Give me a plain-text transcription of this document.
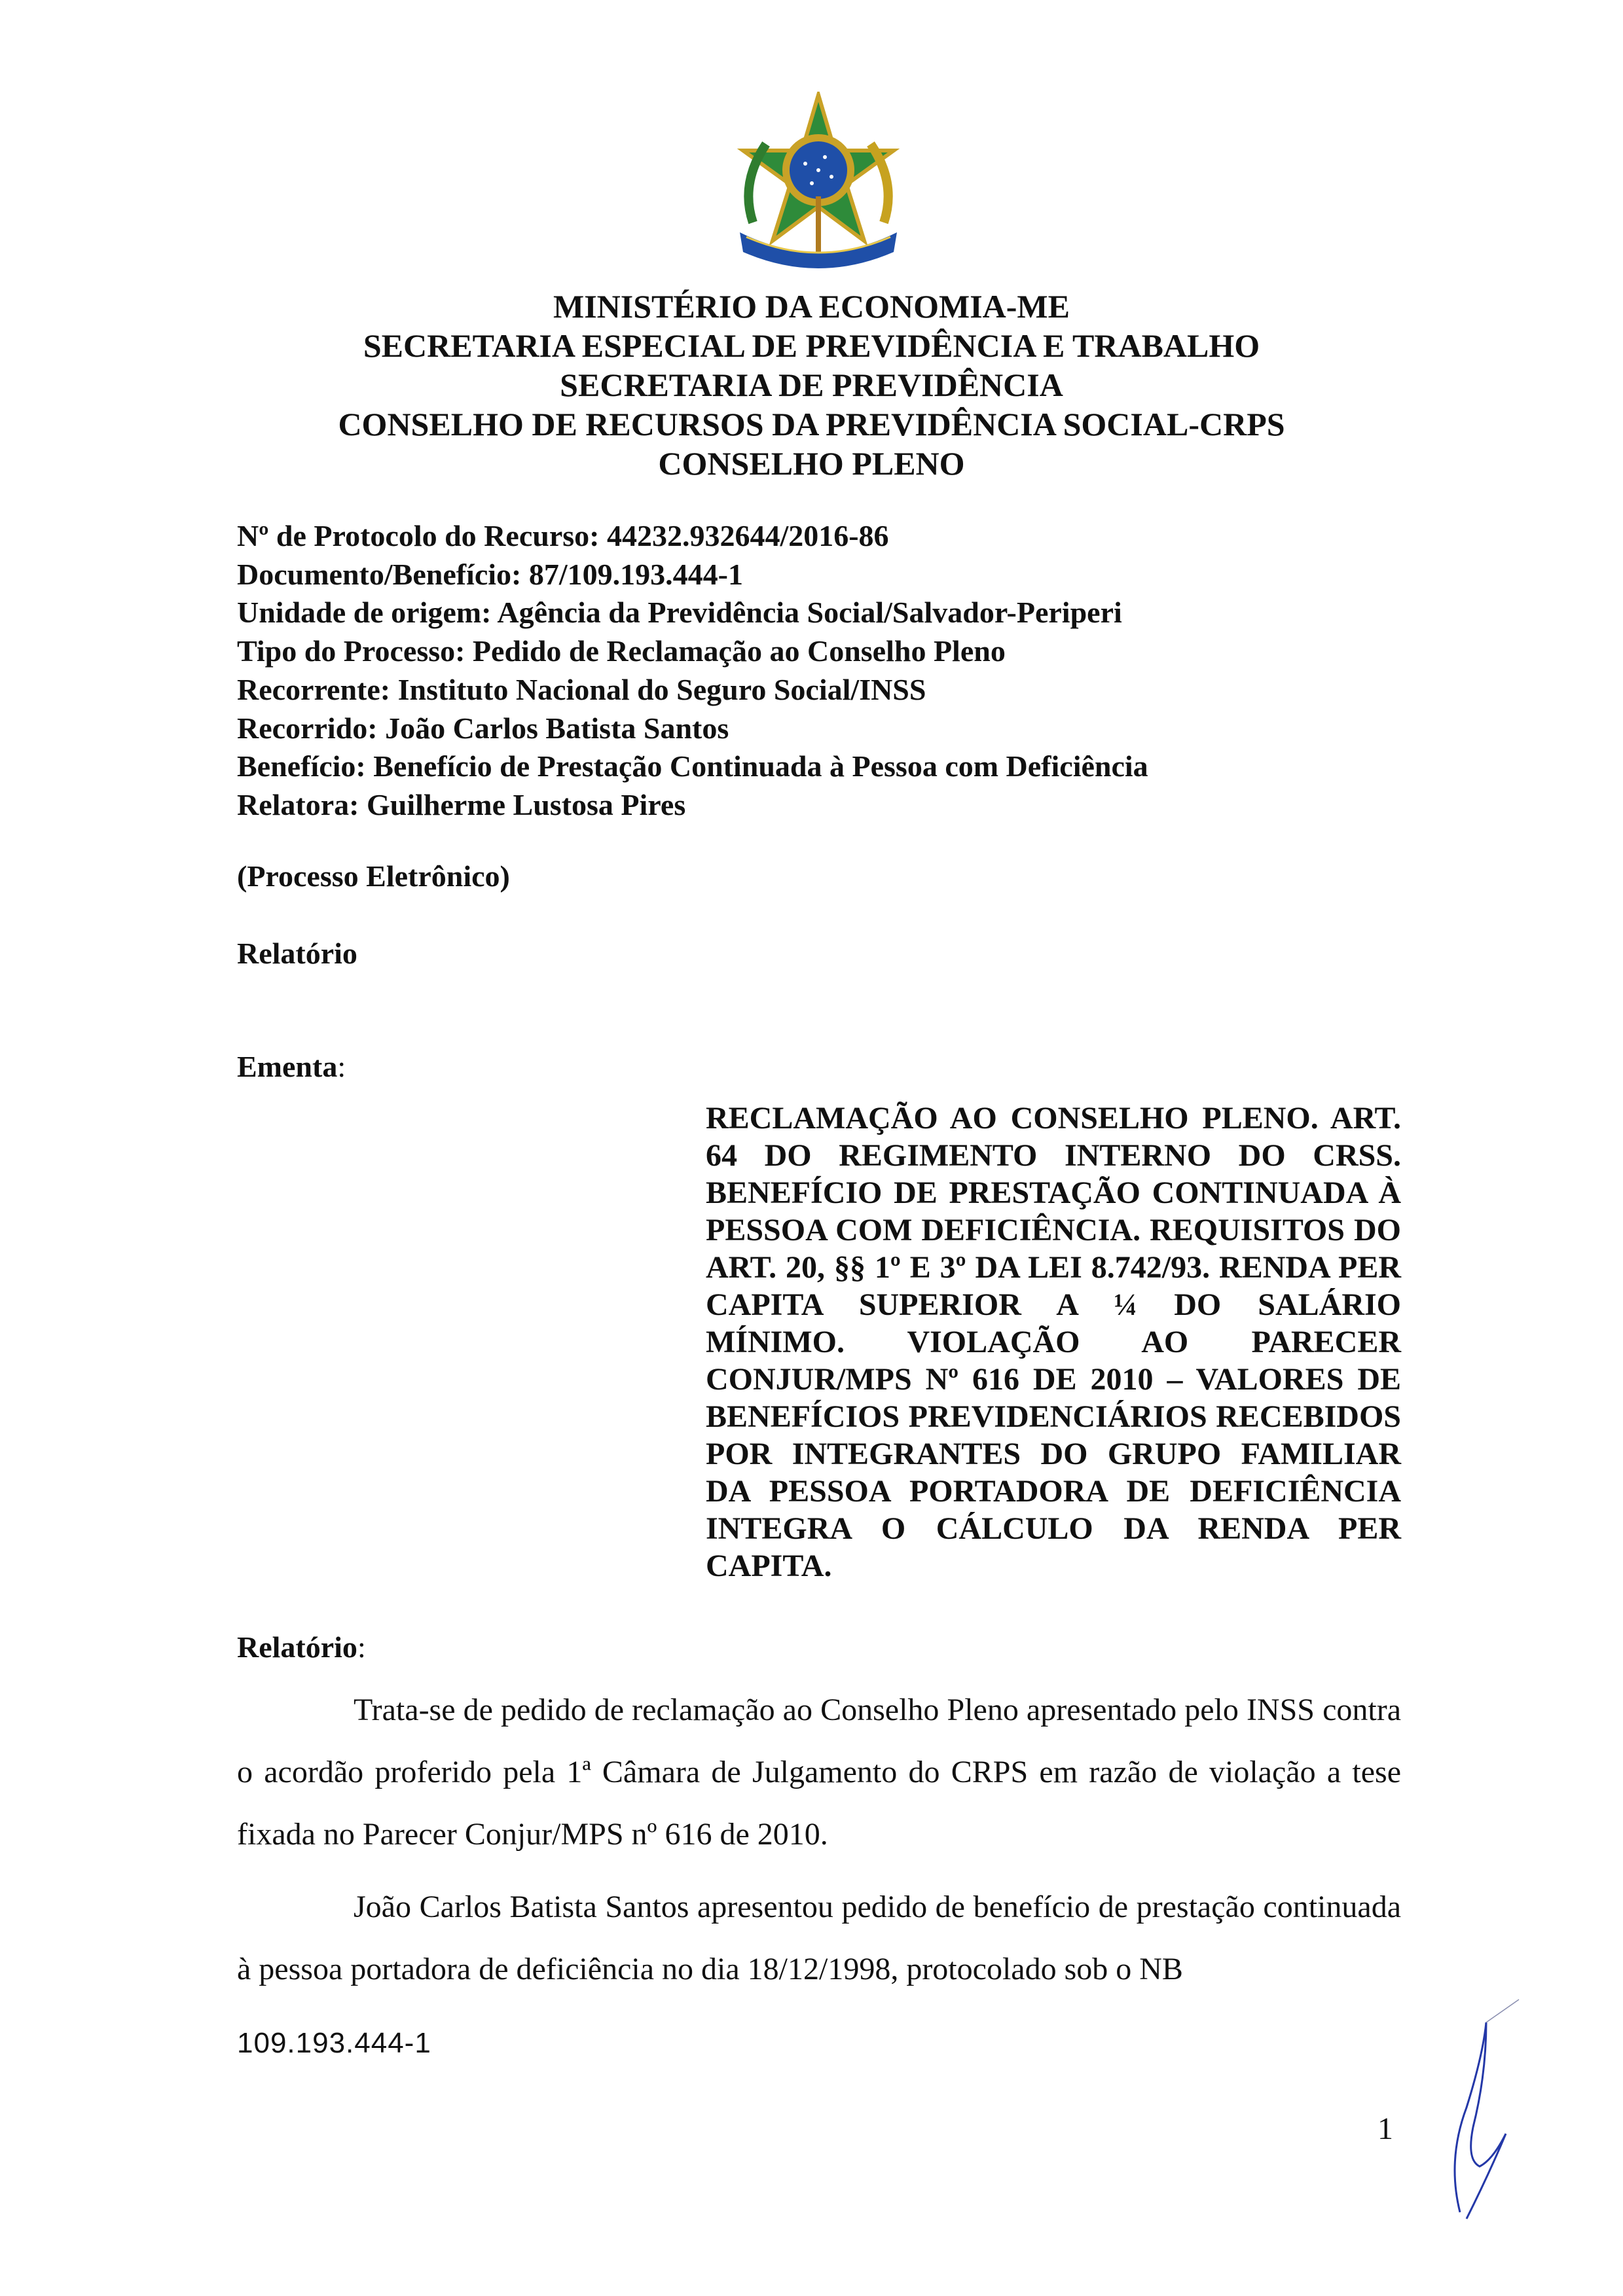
MINISTÉRIO DA ECONOMIA-ME
SECRETARIA ESPECIAL DE PREVIDÊNCIA E TRABALHO
SECRETARIA DE PREVIDÊNCIA
CONSELHO DE RECURSOS DA PREVIDÊNCIA SOCIAL-CRPS
CONSELHO PLENO
Nº de Protocolo do Recurso: 44232.932644/2016-86
Documento/Benefício: 87/109.193.444-1
Unidade de origem: Agência da Previdência Social/Salvador-Periperi
Tipo do Processo: Pedido de Reclamação ao Conselho Pleno
Recorrente: Instituto Nacional do Seguro Social/INSS
Recorrido: João Carlos Batista Santos
Benefício: Benefício de Prestação Continuada à Pessoa com Deficiência
Relatora: Guilherme Lustosa Pires
(Processo Eletrônico)
Relatório
Ementa:
RECLAMAÇÃO AO CONSELHO PLENO. ART. 64 DO REGIMENTO INTERNO DO CRSS. BENEFÍCIO DE PRESTAÇÃO CONTINUADA À PESSOA COM DEFICIÊNCIA. REQUISITOS DO ART. 20, §§ 1º E 3º DA LEI 8.742/93. RENDA PER CAPITA SUPERIOR A ¼ DO SALÁRIO MÍNIMO. VIOLAÇÃO AO PARECER CONJUR/MPS Nº 616 DE 2010 – VALORES DE BENEFÍCIOS PREVIDENCIÁRIOS RECEBIDOS POR INTEGRANTES DO GRUPO FAMILIAR DA PESSOA PORTADORA DE DEFICIÊNCIA INTEGRA O CÁLCULO DA RENDA PER CAPITA.
Relatório:

Trata-se de pedido de reclamação ao Conselho Pleno apresentado pelo INSS contra o acordão proferido pela 1ª Câmara de Julgamento do CRPS em razão de violação a tese fixada no Parecer Conjur/MPS nº 616 de 2010.

João Carlos Batista Santos apresentou pedido de benefício de prestação continuada à pessoa portadora de deficiência no dia 18/12/1998, protocolado sob o NB

109.193.444-1
1
